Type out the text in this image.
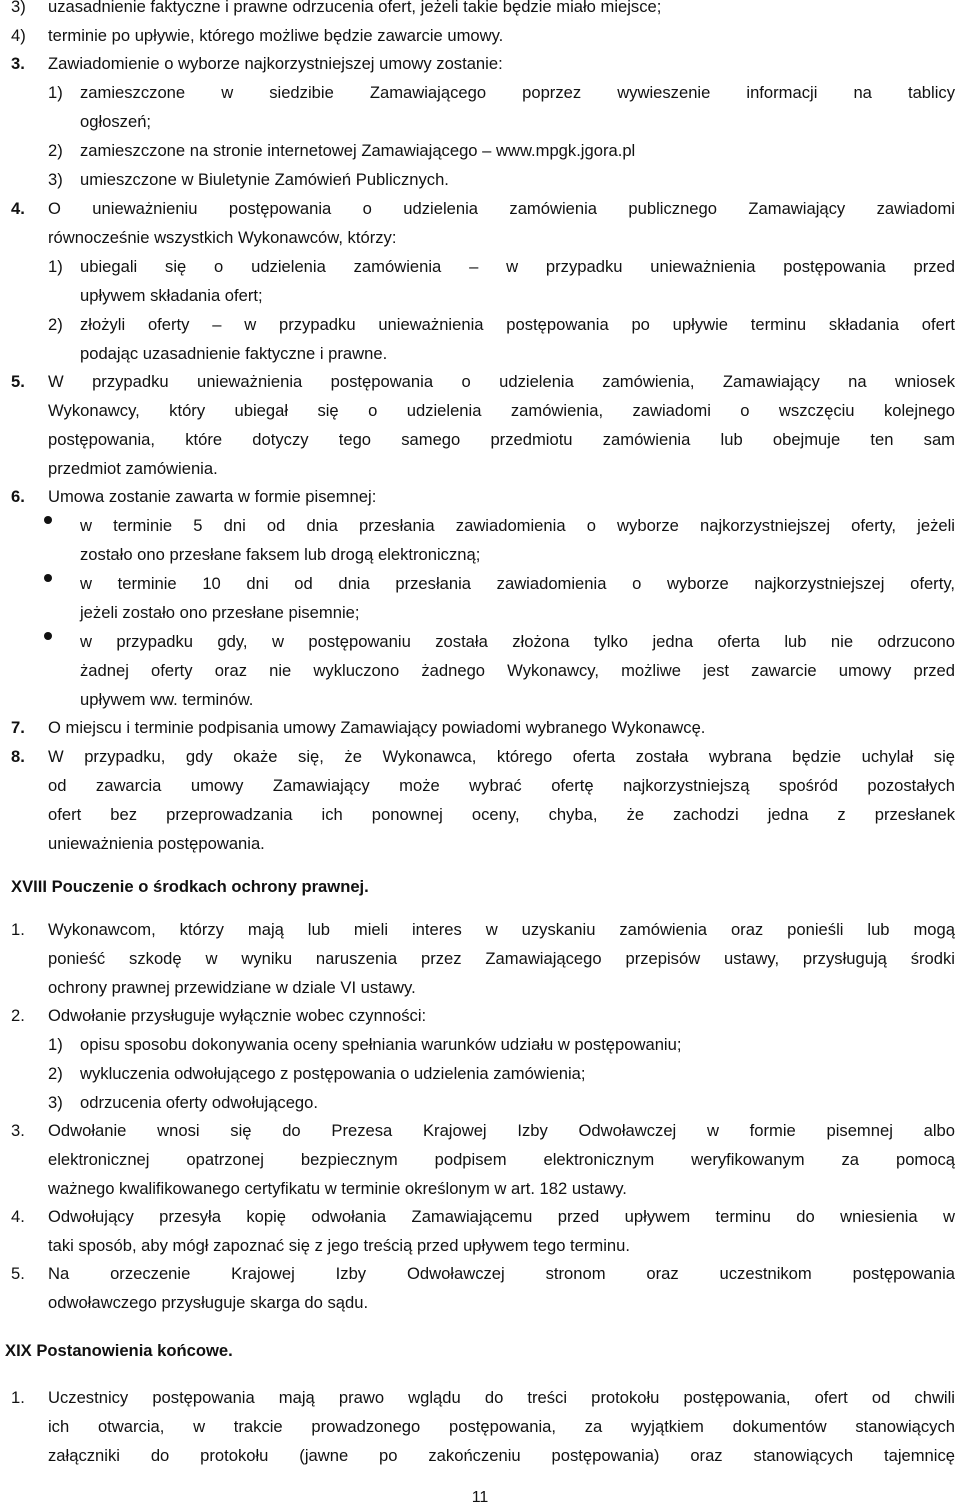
3) uzasadnienie faktyczne i prawne odrzucenia ofert, jeżeli takie będzie miało miejsce;
4) terminie po upływie, którego możliwe będzie zawarcie umowy.
3. Zawiadomienie o wyborze najkorzystniejszej umowy zostanie:
1) zamieszczone w siedzibie Zamawiającego poprzez wywieszenie informacji na tablicy
ogłoszeń;
2) zamieszczone na stronie internetowej Zamawiającego – www.mpgk.jgora.pl
3) umieszczone w Biuletynie Zamówień Publicznych.
4. O unieważnieniu postępowania o udzielenia zamówienia publicznego Zamawiający zawiadomi
równocześnie wszystkich Wykonawców, którzy:
1) ubiegali się o udzielenia zamówienia – w przypadku unieważnienia postępowania przed
upływem składania ofert;
2) złożyli oferty – w przypadku unieważnienia postępowania po upływie terminu składania ofert
podając uzasadnienie faktyczne i prawne.
5. W przypadku unieważnienia postępowania o udzielenia zamówienia, Zamawiający na wniosek
Wykonawcy, który ubiegał się o udzielenia zamówienia, zawiadomi o wszczęciu kolejnego
postępowania, które dotyczy tego samego przedmiotu zamówienia lub obejmuje ten sam
przedmiot zamówienia.
6. Umowa zostanie zawarta w formie pisemnej:
w terminie 5 dni od dnia przesłania zawiadomienia o wyborze najkorzystniejszej oferty, jeżeli
zostało ono przesłane faksem lub drogą elektroniczną;
w terminie 10 dni od dnia przesłania zawiadomienia o wyborze najkorzystniejszej oferty,
jeżeli zostało ono przesłane pisemnie;
w przypadku gdy, w postępowaniu została złożona tylko jedna oferta lub nie odrzucono
żadnej oferty oraz nie wykluczono żadnego Wykonawcy, możliwe jest zawarcie umowy przed
upływem ww. terminów.
7. O miejscu i terminie podpisania umowy Zamawiający powiadomi wybranego Wykonawcę.
8. W przypadku, gdy okaże się, że Wykonawca, którego oferta została wybrana będzie uchylał się
od zawarcia umowy Zamawiający może wybrać ofertę najkorzystniejszą spośród pozostałych
ofert bez przeprowadzania ich ponownej oceny, chyba, że zachodzi jedna z przesłanek
unieważnienia postępowania.
XVIII Pouczenie o środkach ochrony prawnej.
1. Wykonawcom, którzy mają lub mieli interes w uzyskaniu zamówienia oraz ponieśli lub mogą
ponieść szkodę w wyniku naruszenia przez Zamawiającego przepisów ustawy, przysługują środki
ochrony prawnej przewidziane w dziale VI ustawy.
2. Odwołanie przysługuje wyłącznie wobec czynności:
1) opisu sposobu dokonywania oceny spełniania warunków udziału w postępowaniu;
2) wykluczenia odwołującego z postępowania o udzielenia zamówienia;
3) odrzucenia oferty odwołującego.
3. Odwołanie wnosi się do Prezesa Krajowej Izby Odwoławczej w formie pisemnej albo
elektronicznej opatrzonej bezpiecznym podpisem elektronicznym weryfikowanym za pomocą
ważnego kwalifikowanego certyfikatu w terminie określonym w art. 182 ustawy.
4. Odwołujący przesyła kopię odwołania Zamawiającemu przed upływem terminu do wniesienia w
taki sposób, aby mógł zapoznać się z jego treścią przed upływem tego terminu.
5. Na orzeczenie Krajowej Izby Odwoławczej stronom oraz uczestnikom postępowania
odwoławczego przysługuje skarga do sądu.
XIX Postanowienia końcowe.
1. Uczestnicy postępowania mają prawo wglądu do treści protokołu postępowania, ofert od chwili
ich otwarcia, w trakcie prowadzonego postępowania, za wyjątkiem dokumentów stanowiących
załączniki do protokołu (jawne po zakończeniu postępowania) oraz stanowiących tajemnicę
11
